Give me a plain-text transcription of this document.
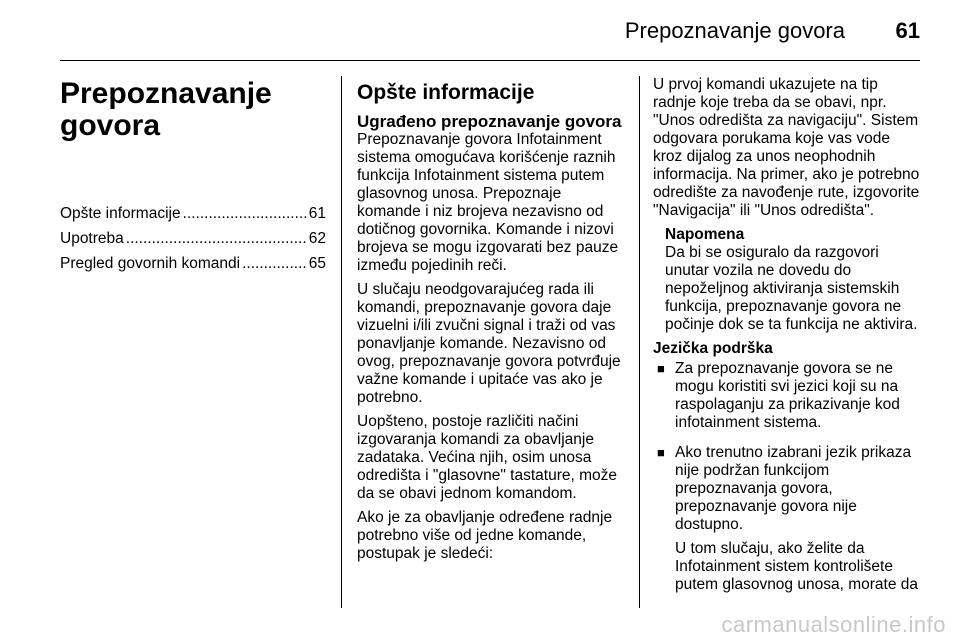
Prepoznavanje govora 61
Prepoznavanje govora
Opšte informacije .....	61
Upotreba .....	62
Pregled govornih komandi .....	65
Opšte informacije
Ugrađeno prepoznavanje govora

Prepoznavanje govora Infotainment sistema omogućava korišćenje raznih funkcija Infotainment sistema putem glasovnog unosa. Prepoznaje komande i niz brojeva nezavisno od dotičnog govornika. Komande i nizovi brojeva se mogu izgovarati bez pauze između pojedinih reči.

U slučaju neodgovarajućeg rada ili komandi, prepoznavanje govora daje vizuelni i/ili zvučni signal i traži od vas ponavljanje komande. Nezavisno od ovog, prepoznavanje govora potvrđuje važne komande i upitaće vas ako je potrebno.

Uopšteno, postoje različiti načini izgovaranja komandi za obavljanje zadataka. Većina njih, osim unosa odredišta i "glasovne" tastature, može da se obavi jednom komandom.

Ako je za obavljanje određene radnje potrebno više od jedne komande, postupak je sledeći:

U prvoj komandi ukazujete na tip radnje koje treba da se obavi, npr. "Unos odredišta za navigaciju". Sistem odgovara porukama koje vas vode kroz dijalog za unos neophodnih informacija. Na primer, ako je potrebno odredište za navođenje rute, izgovorite "Navigacija" ili "Unos odredišta".

Napomena
Da bi se osiguralo da razgovori unutar vozila ne dovedu do nepoželjnog aktiviranja sistemskih funkcija, prepoznavanje govora ne počinje dok se ta funkcija ne aktivira.
Jezička podrška
■ Za prepoznavanje govora se ne mogu koristiti svi jezici koji su na raspolaganju za prikazivanje kod infotainment sistema.

■ Ako trenutno izabrani jezik prikaza nije podržan funkcijom prepoznavanja govora, prepoznavanje govora nije dostupno.

U tom slučaju, ako želite da Infotainment sistem kontrolišete putem glasovnog unosa, morate da

carmanualsonline.info
